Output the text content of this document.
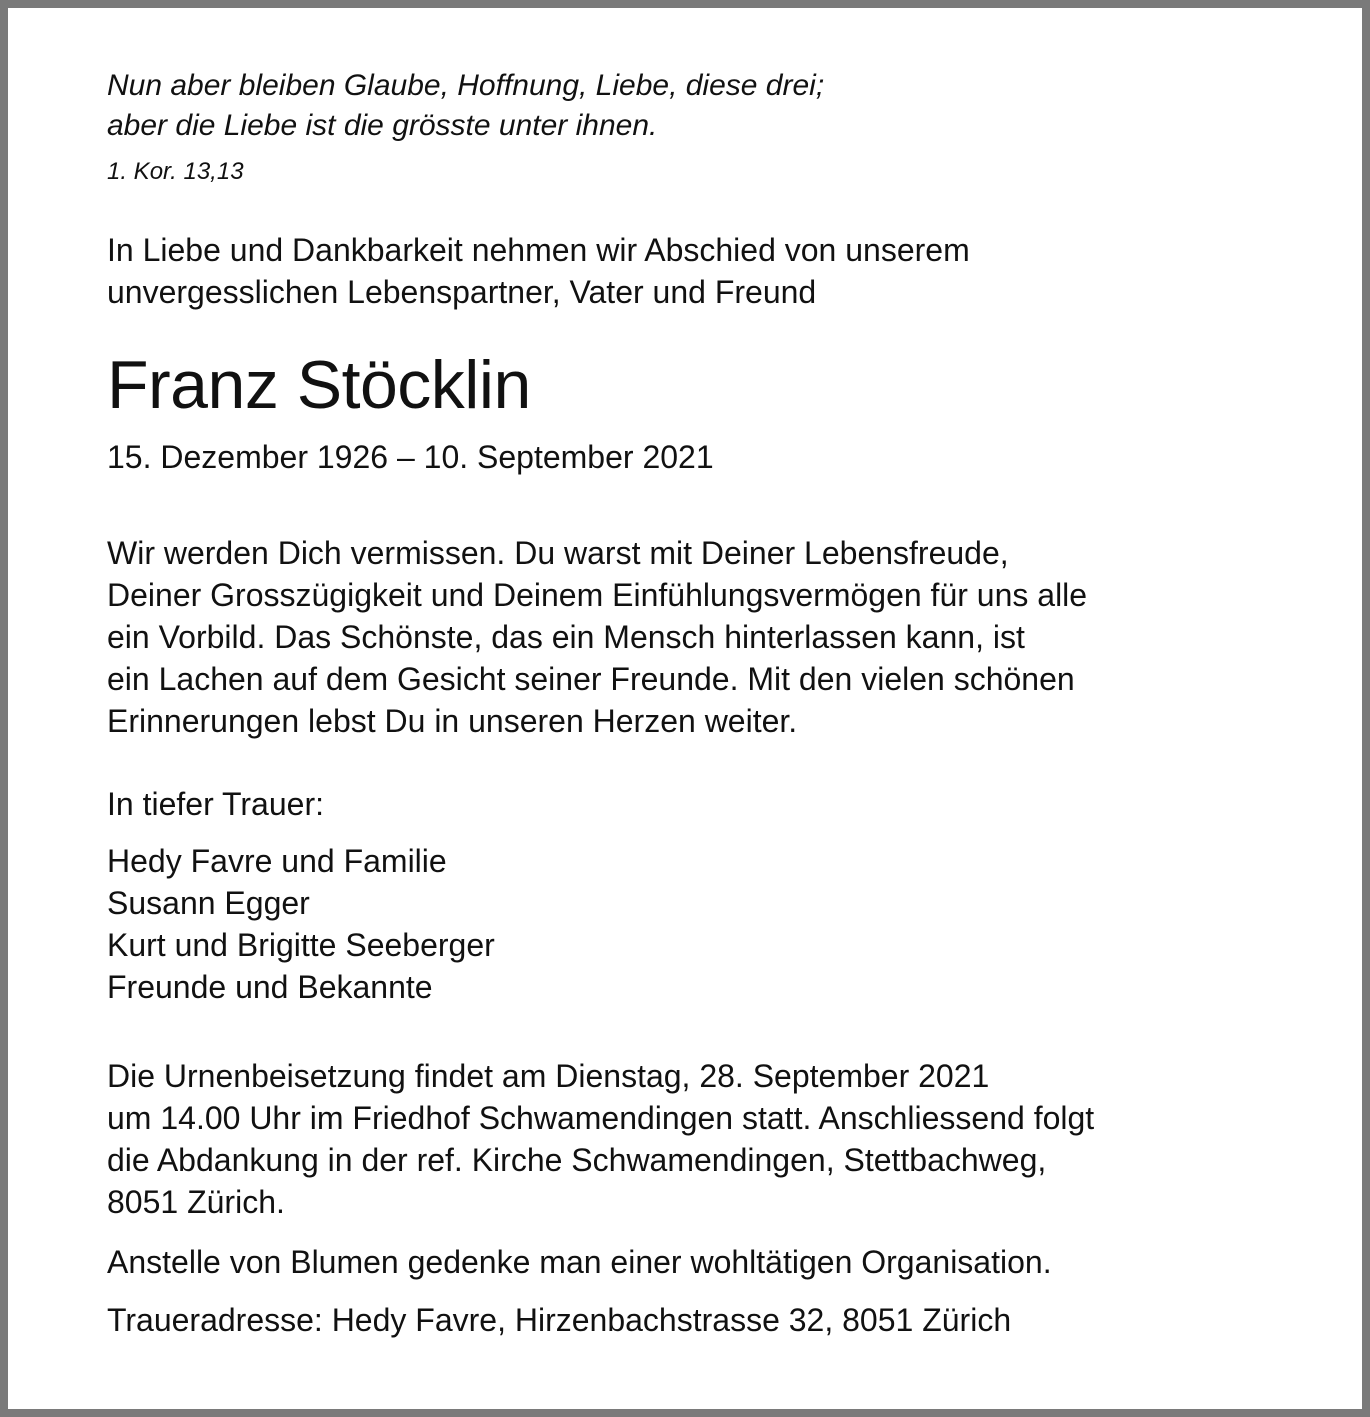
Nun aber bleiben Glaube, Hoffnung, Liebe, diese drei;
aber die Liebe ist die grösste unter ihnen.
1. Kor. 13,13
In Liebe und Dankbarkeit nehmen wir Abschied von unserem
unvergesslichen Lebenspartner, Vater und Freund
Franz Stöcklin
15. Dezember 1926 – 10. September 2021
Wir werden Dich vermissen. Du warst mit Deiner Lebensfreude,
Deiner Grosszügigkeit und Deinem Einfühlungsvermögen für uns alle
ein Vorbild. Das Schönste, das ein Mensch hinterlassen kann, ist
ein Lachen auf dem Gesicht seiner Freunde. Mit den vielen schönen
Erinnerungen lebst Du in unseren Herzen weiter.
In tiefer Trauer:
Hedy Favre und Familie
Susann Egger
Kurt und Brigitte Seeberger
Freunde und Bekannte
Die Urnenbeisetzung findet am Dienstag, 28. September 2021
um 14.00 Uhr im Friedhof Schwamendingen statt. Anschliessend folgt
die Abdankung in der ref. Kirche Schwamendingen, Stettbachweg,
8051 Zürich.
Anstelle von Blumen gedenke man einer wohltätigen Organisation.
Traueradresse: Hedy Favre, Hirzenbachstrasse 32, 8051 Zürich
